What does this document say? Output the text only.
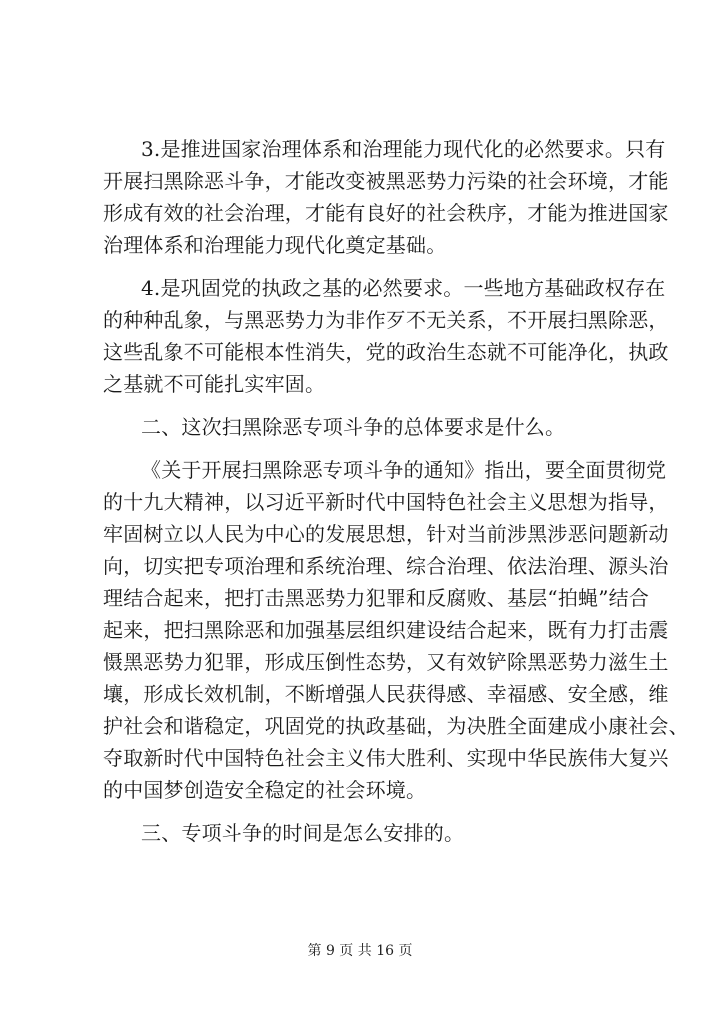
3.是推进国家治理体系和治理能力现代化的必然要求。只有
开展扫黑除恶斗争，才能改变被黑恶势力污染的社会环境，才能
形成有效的社会治理，才能有良好的社会秩序，才能为推进国家
治理体系和治理能力现代化奠定基础。

4.是巩固党的执政之基的必然要求。一些地方基础政权存在
的种种乱象，与黑恶势力为非作歹不无关系，不开展扫黑除恶，
这些乱象不可能根本性消失，党的政治生态就不可能净化，执政
之基就不可能扎实牢固。

二、这次扫黑除恶专项斗争的总体要求是什么。

《关于开展扫黑除恶专项斗争的通知》指出，要全面贯彻党
的十九大精神，以习近平新时代中国特色社会主义思想为指导，
牢固树立以人民为中心的发展思想，针对当前涉黑涉恶问题新动
向，切实把专项治理和系统治理、综合治理、依法治理、源头治
理结合起来，把打击黑恶势力犯罪和反腐败、基层“拍蝇”结合
起来，把扫黑除恶和加强基层组织建设结合起来，既有力打击震
慑黑恶势力犯罪，形成压倒性态势，又有效铲除黑恶势力滋生土
壤，形成长效机制，不断增强人民获得感、幸福感、安全感，维
护社会和谐稳定，巩固党的执政基础，为决胜全面建成小康社会、
夺取新时代中国特色社会主义伟大胜利、实现中华民族伟大复兴
的中国梦创造安全稳定的社会环境。

三、专项斗争的时间是怎么安排的。

第 9 页 共 16 页
